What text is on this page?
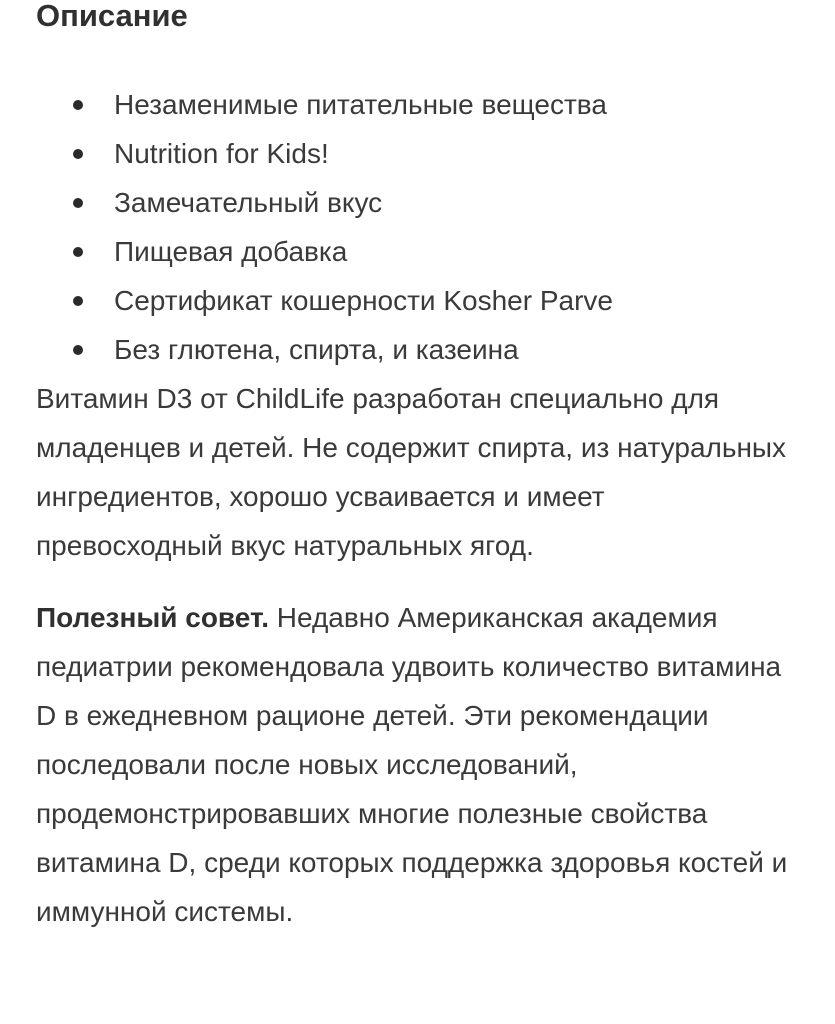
Описание
Незаменимые питательные вещества
Nutrition for Kids!
Замечательный вкус
Пищевая добавка
Сертификат кошерности Kosher Parve
Без глютена, спирта, и казеина

Витамин D3 от ChildLife разработан специально для младенцев и детей. Не содержит спирта, из натуральных ингредиентов, хорошо усваивается и имеет превосходный вкус натуральных ягод.

Полезный совет. Недавно Американская академия педиатрии рекомендовала удвоить количество витамина D в ежедневном рационе детей. Эти рекомендации последовали после новых исследований, продемонстрировавших многие полезные свойства витамина D, среди которых поддержка здоровья костей и иммунной системы.
